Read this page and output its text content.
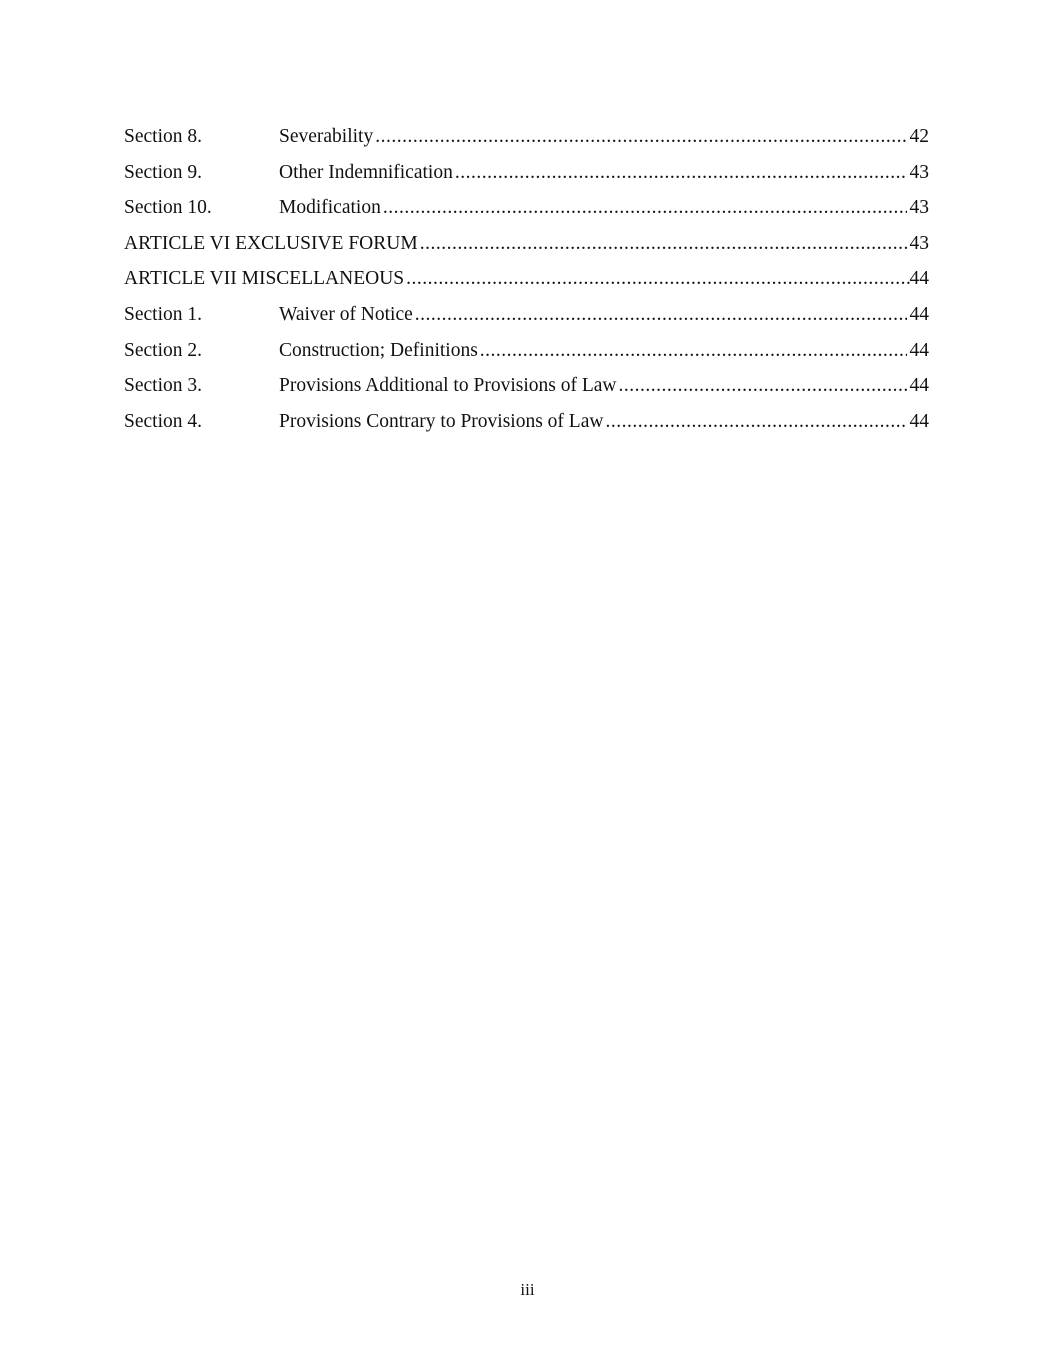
Section 8.	Severability .....	42
Section 9.	Other Indemnification .....	43
Section 10.	Modification .....	43
ARTICLE VI EXCLUSIVE FORUM .....	43
ARTICLE VII MISCELLANEOUS .....	44
Section 1.	Waiver of Notice .....	44
Section 2.	Construction; Definitions .....	44
Section 3.	Provisions Additional to Provisions of Law .....	44
Section 4.	Provisions Contrary to Provisions of Law .....	44
iii
